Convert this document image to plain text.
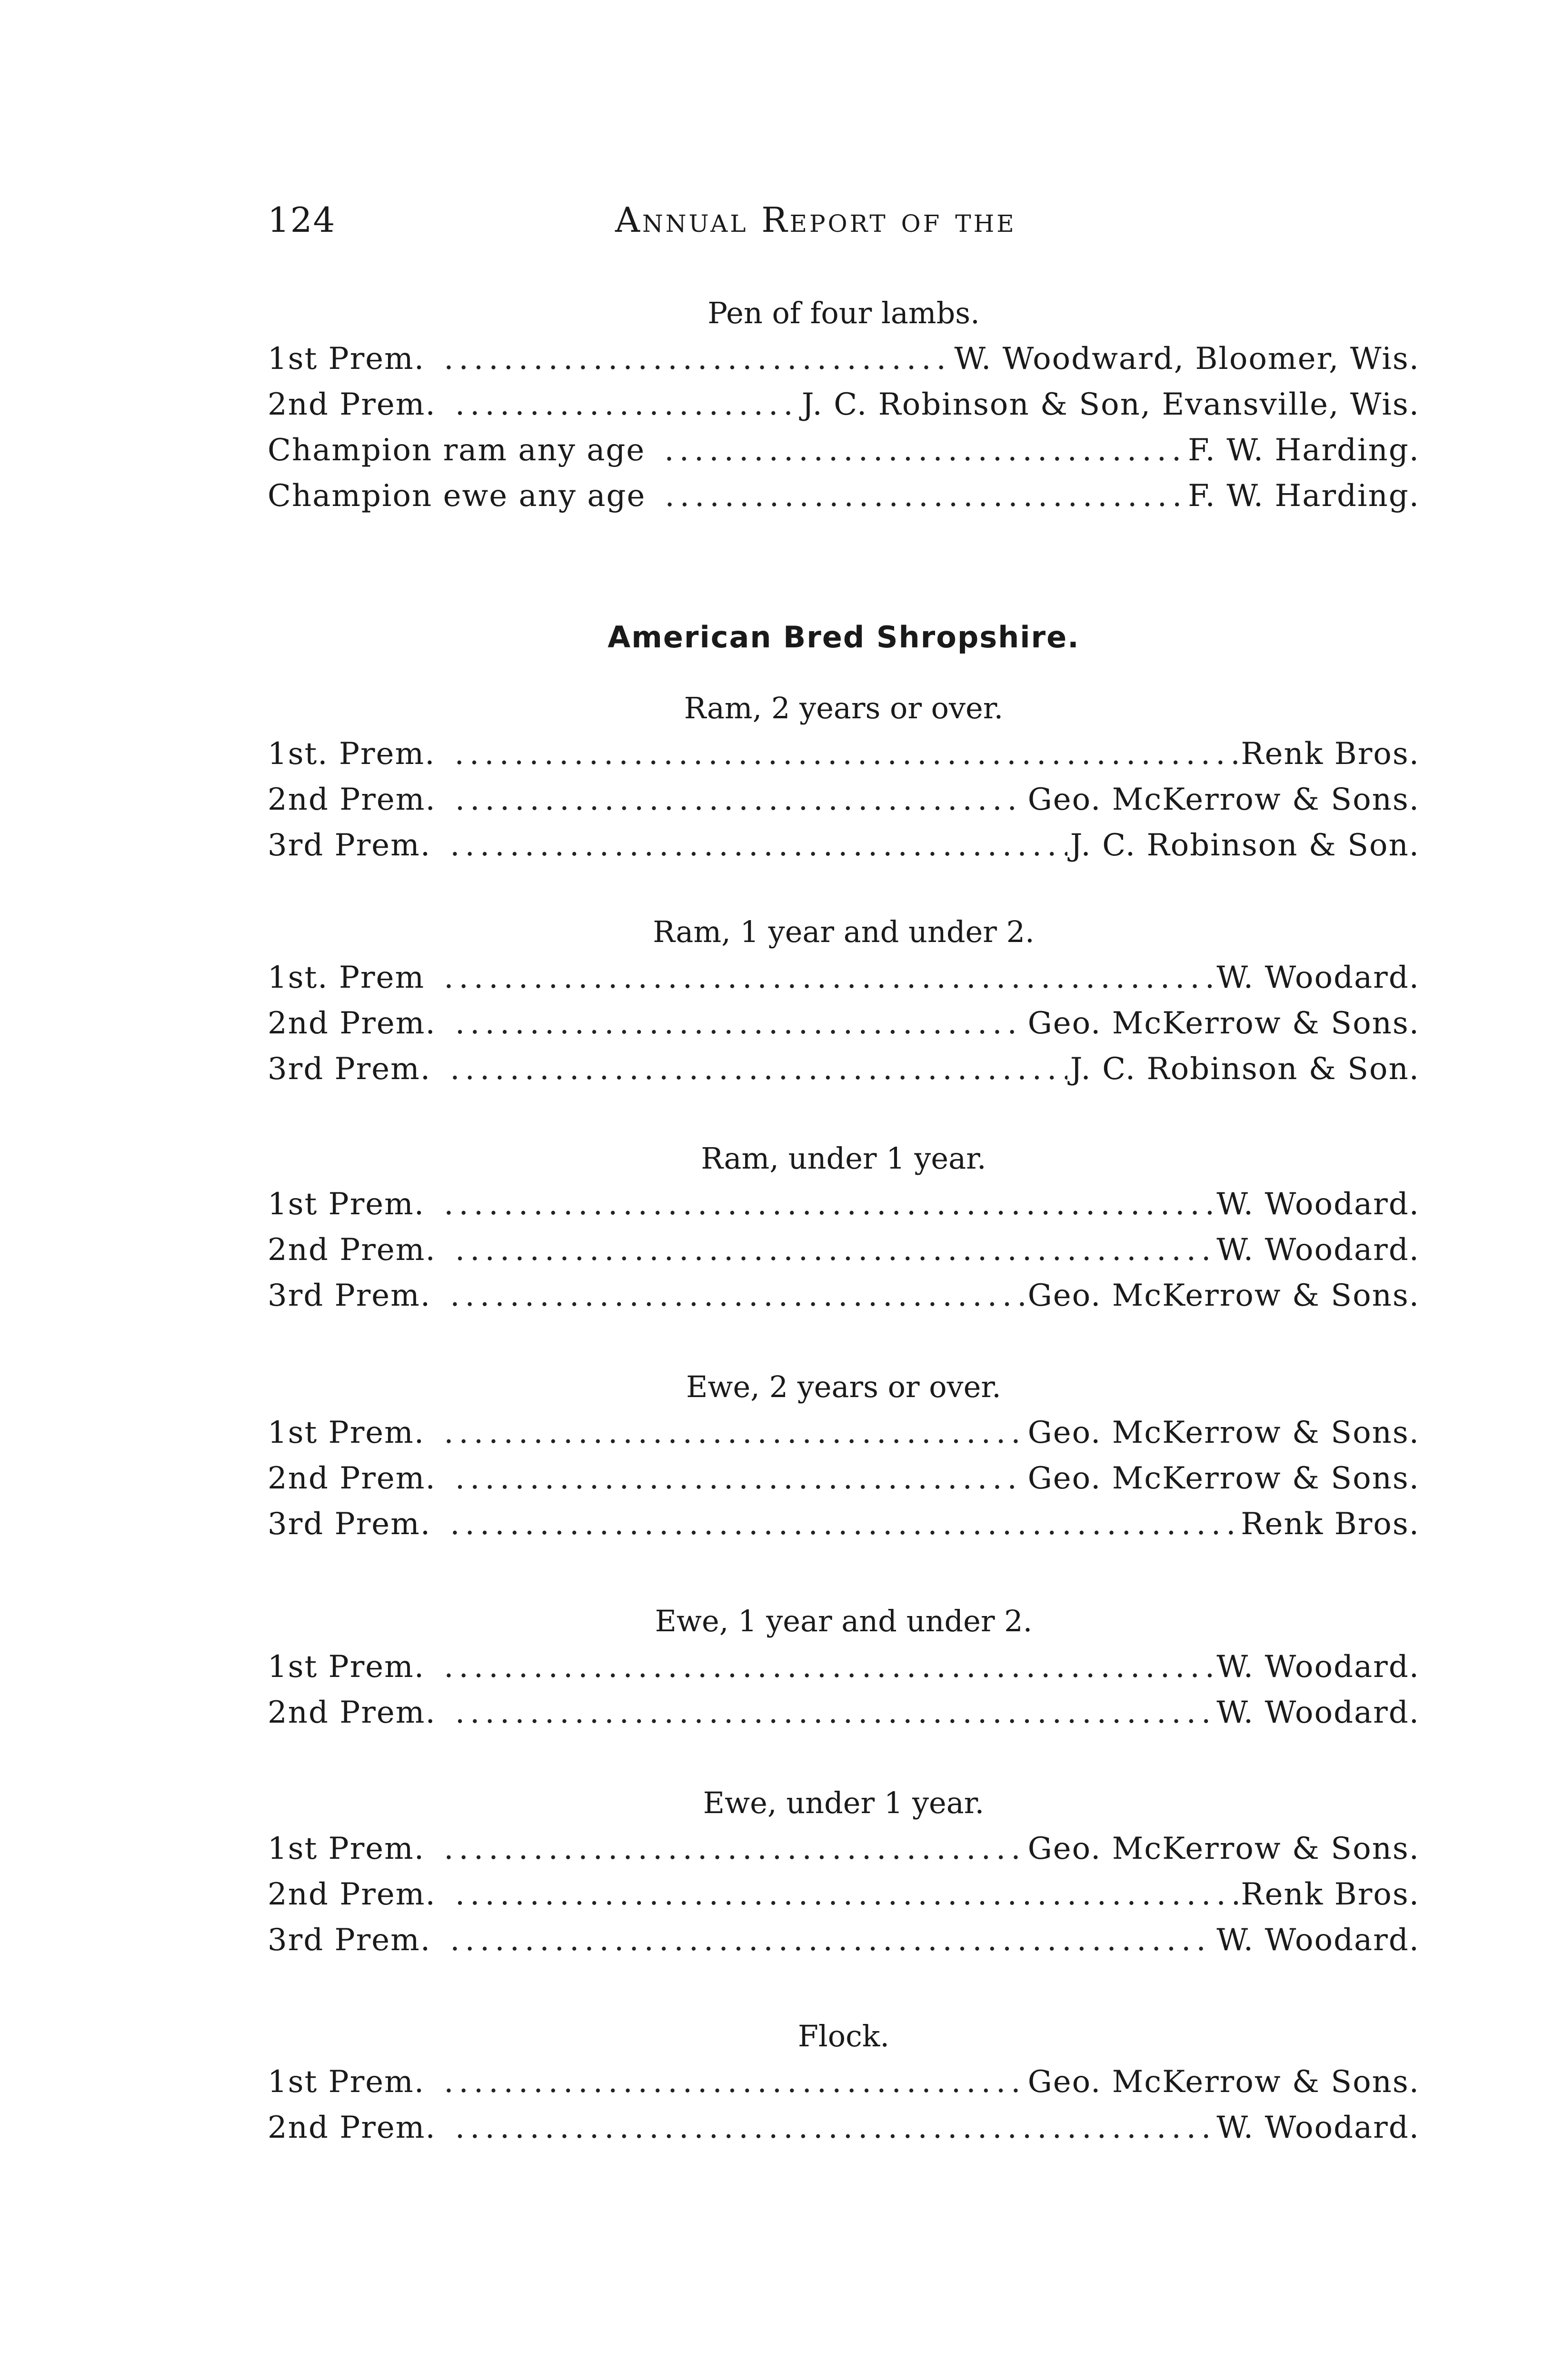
124	Annual Report of the
Pen of four lambs.
1st Prem. .....	W. Woodward, Bloomer, Wis.
2nd Prem. .....	J. C. Robinson & Son, Evansville, Wis.
Champion ram any age .....	F. W. Harding.
Champion ewe any age .....	F. W. Harding.
American Bred Shropshire.
Ram, 2 years or over.
1st. Prem. .....	Renk Bros.
2nd Prem. .....	Geo. McKerrow & Sons.
3rd Prem. .....	J. C. Robinson & Son.
Ram, 1 year and under 2.
1st. Prem .....	W. Woodard.
2nd Prem. .....	Geo. McKerrow & Sons.
3rd Prem. .....	J. C. Robinson & Son.
Ram, under 1 year.
1st Prem. .....	W. Woodard.
2nd Prem. .....	W. Woodard.
3rd Prem. .....	Geo. McKerrow & Sons.
Ewe, 2 years or over.
1st Prem. .....	Geo. McKerrow & Sons.
2nd Prem. .....	Geo. McKerrow & Sons.
3rd Prem. .....	Renk Bros.
Ewe, 1 year and under 2.
1st Prem. .....	W. Woodard.
2nd Prem. .....	W. Woodard.
Ewe, under 1 year.
1st Prem. .....	Geo. McKerrow & Sons.
2nd Prem. .....	Renk Bros.
3rd Prem. .....	W. Woodard.
Flock.
1st Prem. .....	Geo. McKerrow & Sons.
2nd Prem. .....	W. Woodard.
